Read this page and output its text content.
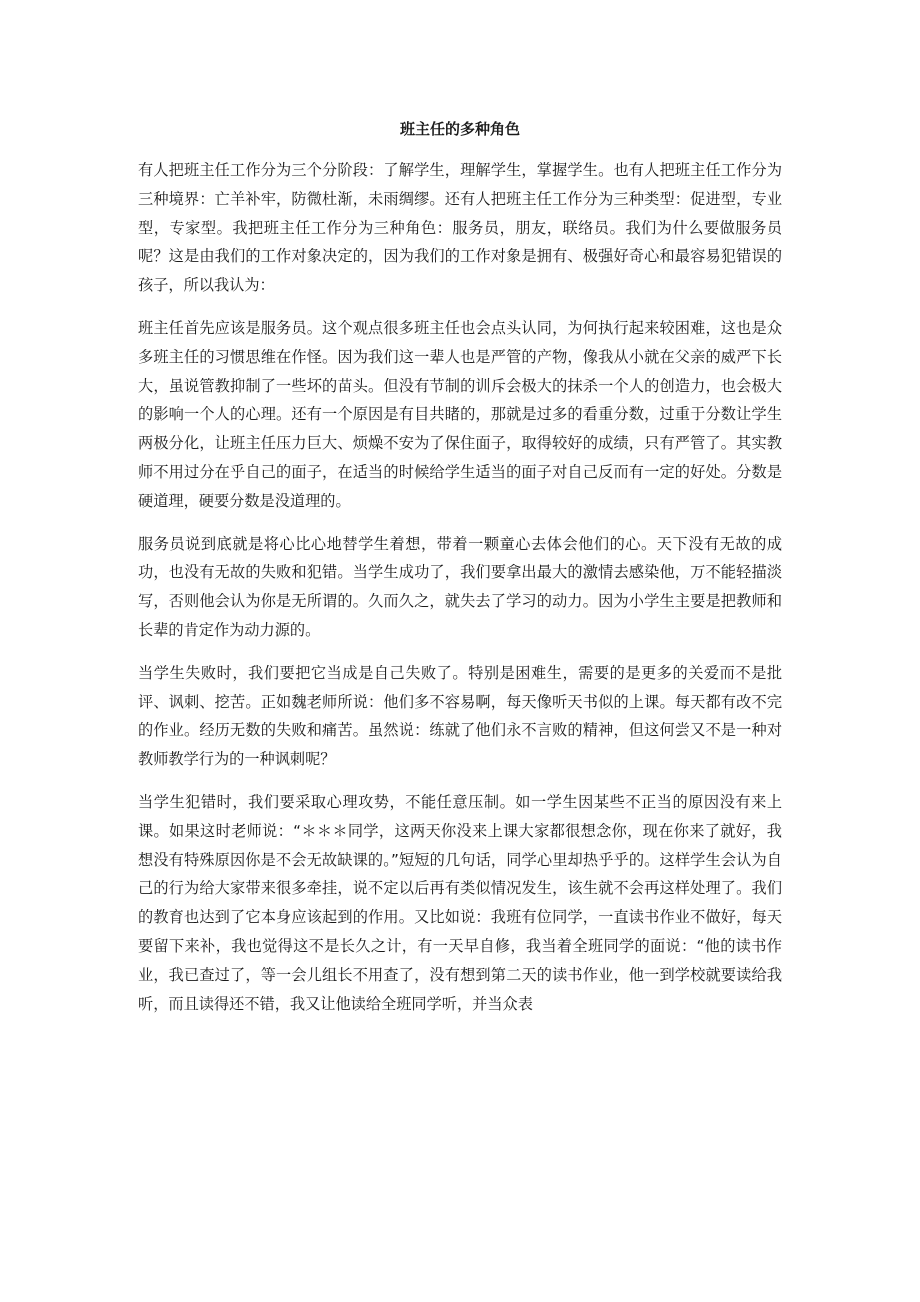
班主任的多种角色

有人把班主任工作分为三个分阶段：了解学生，理解学生，掌握学生。也有人把班主任工作分为三种境界：亡羊补牢，防微杜渐，未雨绸缪。还有人把班主任工作分为三种类型：促进型，专业型，专家型。我把班主任工作分为三种角色：服务员，朋友，联络员。我们为什么要做服务员呢？这是由我们的工作对象决定的，因为我们的工作对象是拥有、极强好奇心和最容易犯错误的孩子，所以我认为：

班主任首先应该是服务员。这个观点很多班主任也会点头认同，为何执行起来较困难，这也是众多班主任的习惯思维在作怪。因为我们这一辈人也是严管的产物，像我从小就在父亲的威严下长大，虽说管教抑制了一些坏的苗头。但没有节制的训斥会极大的抹杀一个人的创造力，也会极大的影响一个人的心理。还有一个原因是有目共睹的，那就是过多的看重分数，过重于分数让学生两极分化，让班主任压力巨大、烦燥不安为了保住面子，取得较好的成绩，只有严管了。其实教师不用过分在乎自己的面子，在适当的时候给学生适当的面子对自己反而有一定的好处。分数是硬道理，硬要分数是没道理的。

服务员说到底就是将心比心地替学生着想，带着一颗童心去体会他们的心。天下没有无故的成功，也没有无故的失败和犯错。当学生成功了，我们要拿出最大的激情去感染他，万不能轻描淡写，否则他会认为你是无所谓的。久而久之，就失去了学习的动力。因为小学生主要是把教师和长辈的肯定作为动力源的。

当学生失败时，我们要把它当成是自己失败了。特别是困难生，需要的是更多的关爱而不是批评、讽刺、挖苦。正如魏老师所说：他们多不容易啊，每天像听天书似的上课。每天都有改不完的作业。经历无数的失败和痛苦。虽然说：练就了他们永不言败的精神，但这何尝又不是一种对教师教学行为的一种讽刺呢？

当学生犯错时，我们要采取心理攻势，不能任意压制。如一学生因某些不正当的原因没有来上课。如果这时老师说：“＊＊＊同学，这两天你没来上课大家都很想念你，现在你来了就好，我想没有特殊原因你是不会无故缺课的。”短短的几句话，同学心里却热乎乎的。这样学生会认为自己的行为给大家带来很多牵挂，说不定以后再有类似情况发生，该生就不会再这样处理了。我们的教育也达到了它本身应该起到的作用。又比如说：我班有位同学，一直读书作业不做好，每天要留下来补，我也觉得这不是长久之计，有一天早自修，我当着全班同学的面说：“他的读书作业，我已查过了，等一会儿组长不用查了，没有想到第二天的读书作业，他一到学校就要读给我听，而且读得还不错，我又让他读给全班同学听，并当众表
